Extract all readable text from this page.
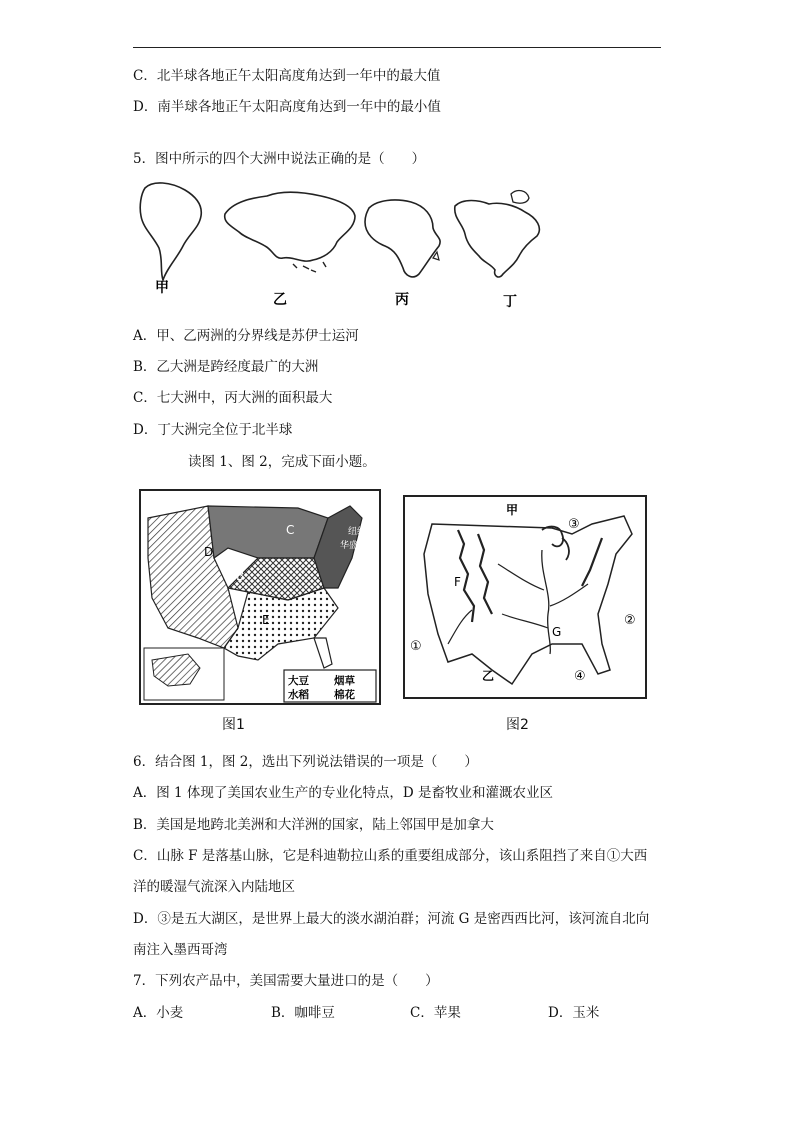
C．北半球各地正午太阳高度角达到一年中的最大值
D．南半球各地正午太阳高度角达到一年中的最小值
5．图中所示的四个大洲中说法正确的是（　　）
甲
乙	丙	丁
A．甲、乙两洲的分界线是苏伊士运河
B．乙大洲是跨经度最广的大洲
C．七大洲中，丙大洲的面积最大
D．丁大洲完全位于北半球
读图 1、图 2，完成下面小题。
大豆 烟草
水稻 棉花
D
B
C
E
纽约
华盛顿
图1
甲
F
G
乙
①
②
③
④
图2
6．结合图 1，图 2，选出下列说法错误的一项是（　　）
A．图 1 体现了美国农业生产的专业化特点，D 是畜牧业和灌溉农业区
B．美国是地跨北美洲和大洋洲的国家，陆上邻国甲是加拿大
C．山脉 F 是落基山脉，它是科迪勒拉山系的重要组成部分，该山系阻挡了来自①大西
洋的暖湿气流深入内陆地区
D．③是五大湖区，是世界上最大的淡水湖泊群；河流 G 是密西西比河，该河流自北向
南注入墨西哥湾
7．下列农产品中，美国需要大量进口的是（　　）
A．小麦	B．咖啡豆	C．苹果	D．玉米
